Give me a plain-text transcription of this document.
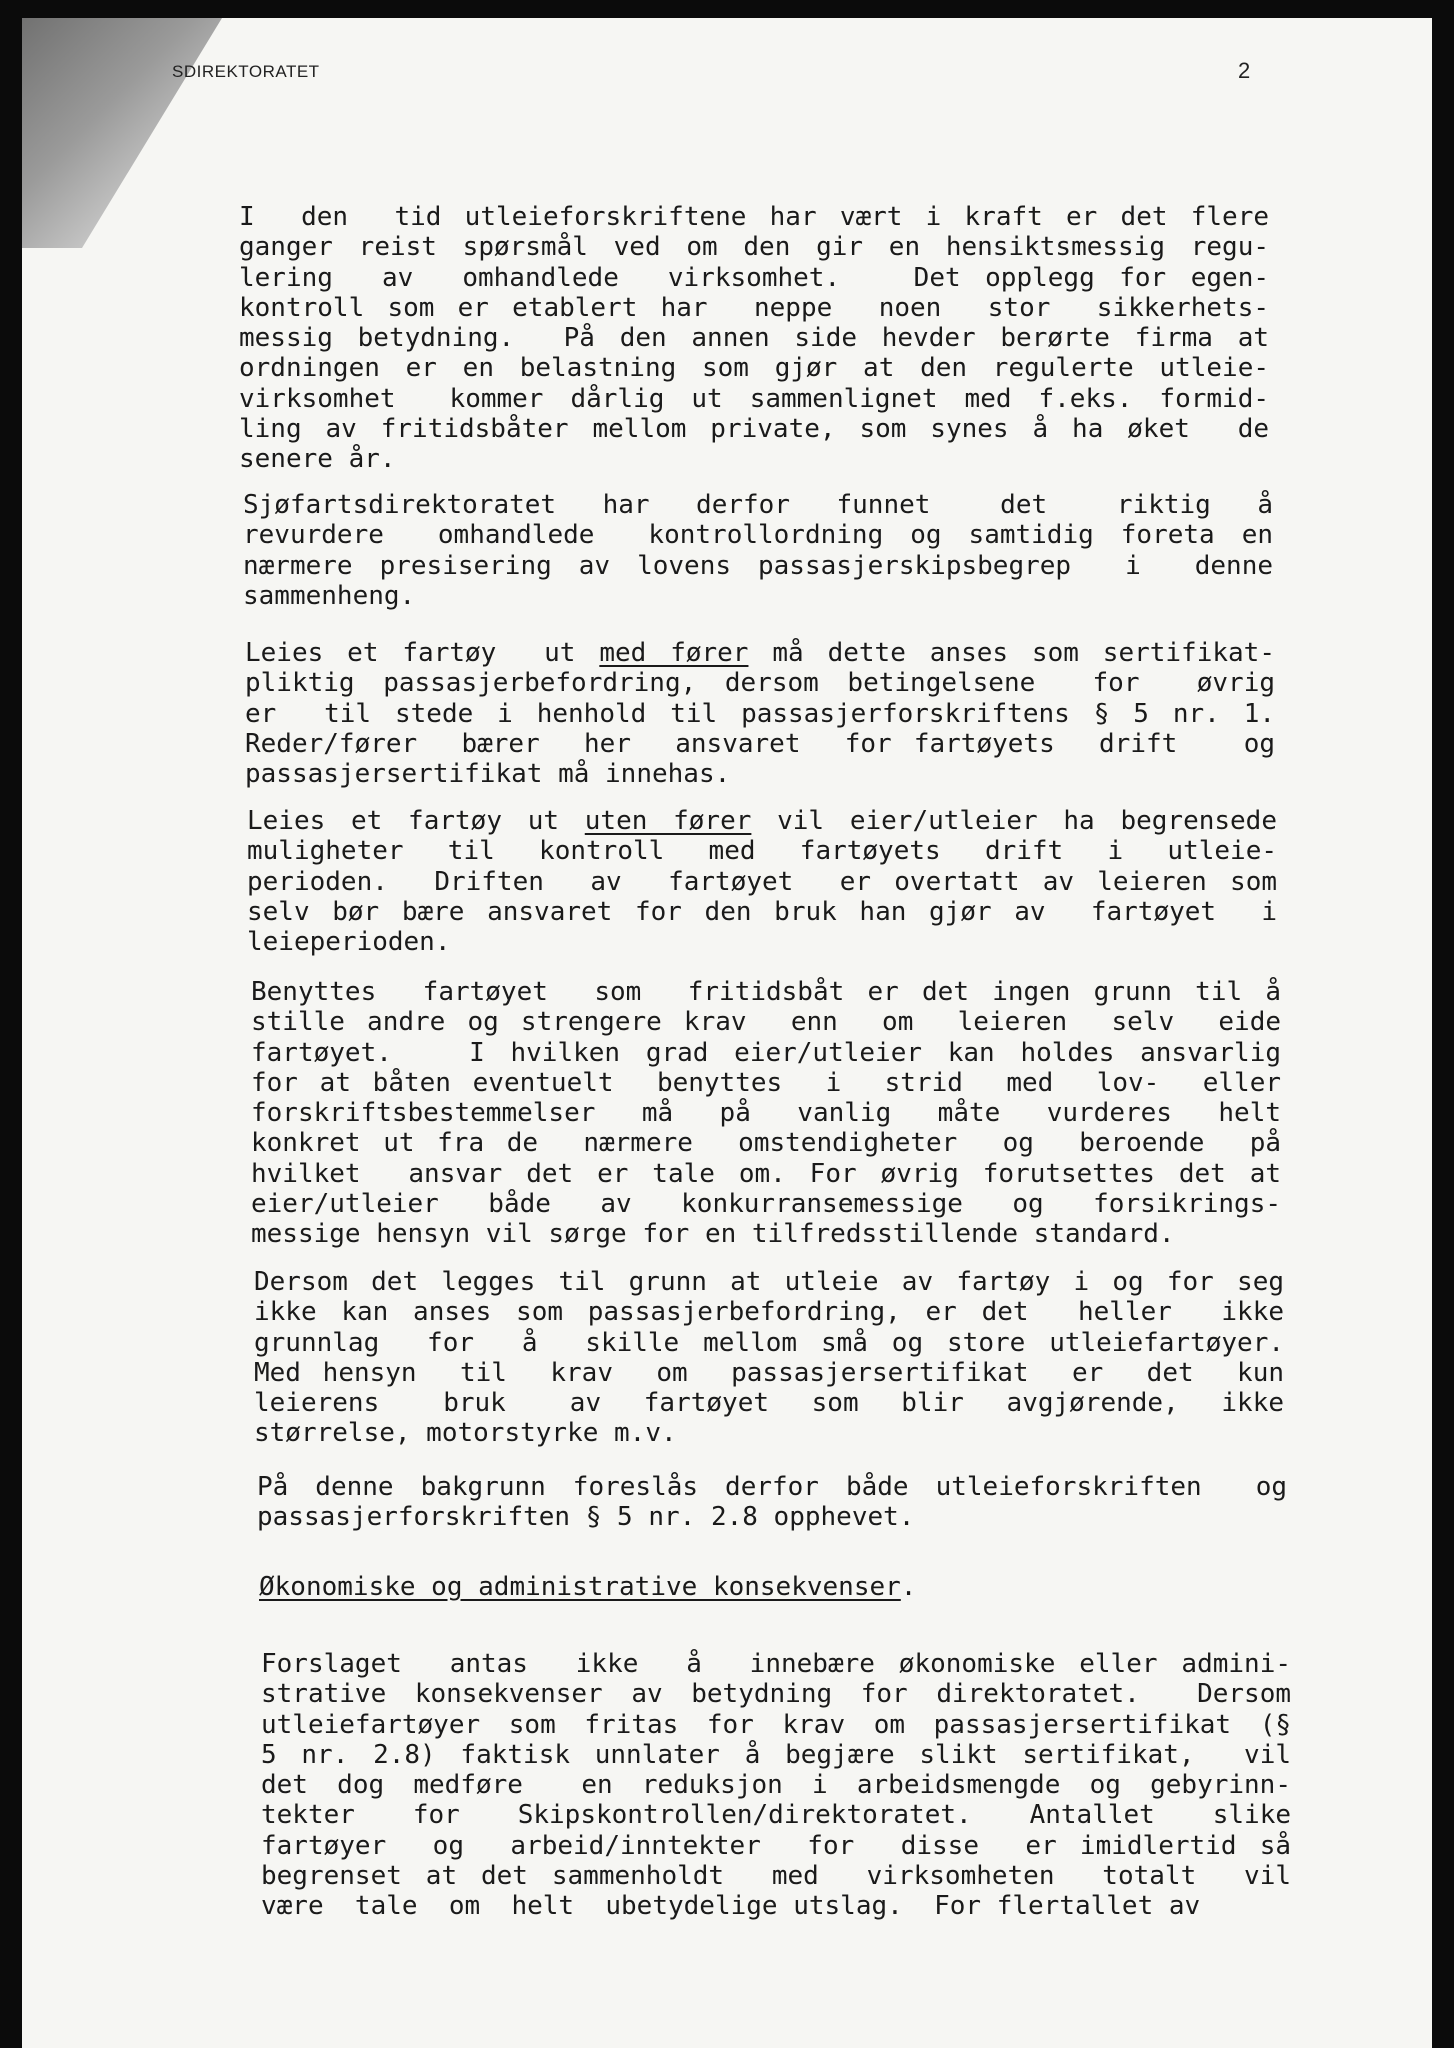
SDIREKTORATET	2
I  den  tid utleieforskriftene har vært i kraft er det flere
ganger reist spørsmål ved om den gir en hensiktsmessig regu-
lering  av  omhandlede  virksomhet.   Det opplegg for egen-
kontroll som er etablert har  neppe  noen  stor  sikkerhets-
messig betydning.  På den annen side hevder berørte firma at
ordningen er en belastning som gjør at den regulerte utleie-
virksomhet  kommer dårlig ut sammenlignet med f.eks. formid-
ling av fritidsbåter mellom private, som synes å ha øket  de
senere år.
Sjøfartsdirektoratet  har  derfor  funnet   det   riktig  å
revurdere  omhandlede  kontrollordning og samtidig foreta en
nærmere presisering av lovens passasjerskipsbegrep  i  denne
sammenheng.
Leies et fartøy  ut med fører må dette anses som sertifikat-
pliktig passasjerbefordring, dersom betingelsene  for  øvrig
er  til stede i henhold til passasjerforskriftens § 5 nr. 1.
Reder/fører  bærer  her  ansvaret  for fartøyets  drift   og
passasjersertifikat må innehas.
Leies et fartøy ut uten fører vil eier/utleier ha begrensede
muligheter  til  kontroll  med  fartøyets  drift  i  utleie-
perioden.  Driften  av  fartøyet  er overtatt av leieren som
selv bør bære ansvaret for den bruk han gjør av  fartøyet  i
leieperioden.
Benyttes  fartøyet  som  fritidsbåt er det ingen grunn til å
stille andre og strengere krav  enn  om  leieren  selv  eide
fartøyet.   I hvilken grad eier/utleier kan holdes ansvarlig
for at båten eventuelt  benyttes  i  strid  med  lov-  eller
forskriftsbestemmelser  må  på  vanlig  måte  vurderes  helt
konkret ut fra de  nærmere  omstendigheter  og  beroende  på
hvilket  ansvar det er tale om. For øvrig forutsettes det at
eier/utleier  både  av  konkurransemessige  og  forsikrings-
messige hensyn vil sørge for en tilfredsstillende standard.
Dersom det legges til grunn at utleie av fartøy i og for seg
ikke kan anses som passasjerbefordring, er det  heller  ikke
grunnlag  for  å  skille mellom små og store utleiefartøyer.
Med hensyn  til  krav  om  passasjersertifikat  er  det  kun
leierens   bruk   av  fartøyet  som  blir  avgjørende,  ikke
størrelse, motorstyrke m.v.
På denne bakgrunn foreslås derfor både utleieforskriften  og
passasjerforskriften § 5 nr. 2.8 opphevet.
Økonomiske og administrative konsekvenser.
Forslaget  antas  ikke  å  innebære økonomiske eller admini-
strative konsekvenser av betydning for direktoratet.  Dersom
utleiefartøyer som fritas for krav om passasjersertifikat (§
5 nr. 2.8) faktisk unnlater å begjære slikt sertifikat,  vil
det dog medføre  en reduksjon i arbeidsmengde og gebyrinn-
tekter  for  Skipskontrollen/direktoratet.  Antallet  slike
fartøyer  og  arbeid/inntekter  for  disse  er imidlertid så
begrenset at det sammenholdt  med  virksomheten  totalt  vil
være  tale  om  helt  ubetydelige utslag.  For flertallet av
